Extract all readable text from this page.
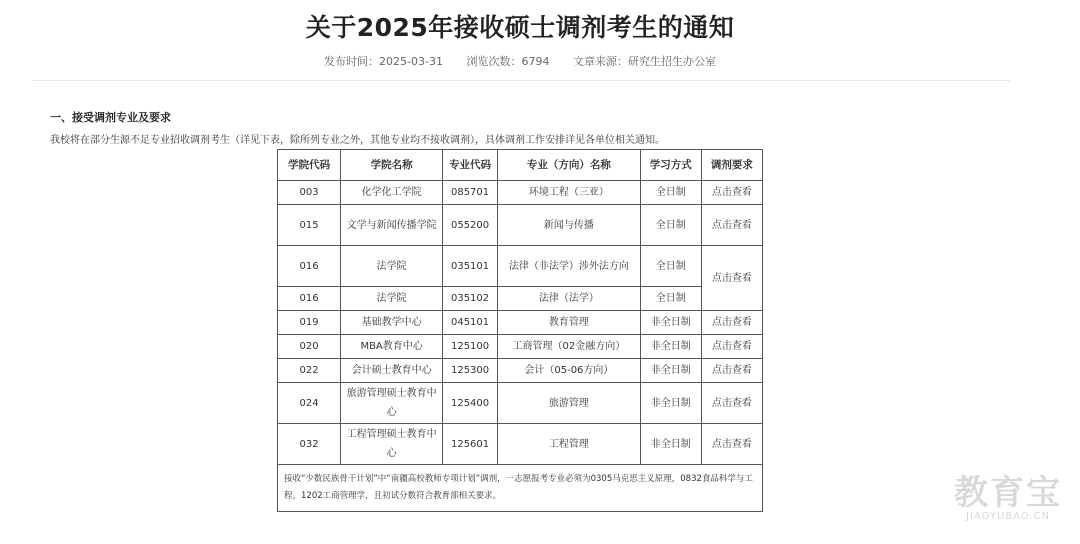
关于2025年接收硕士调剂考生的通知
发布时间：2025-03-31 浏览次数：6794 文章来源：研究生招生办公室
一、接受调剂专业及要求
我校将在部分生源不足专业招收调剂考生（详见下表，除所列专业之外，其他专业均不接收调剂），具体调剂工作安排详见各单位相关通知。
学院代码	学院名称	专业代码	专业（方向）名称	学习方式	调剂要求
003	化学化工学院	085701	环境工程（三亚）	全日制	点击查看
015	文学与新闻传播学院	055200	新闻与传播	全日制	点击查看
016	法学院	035101	法律（非法学）涉外法方向	全日制	点击查看
016	法学院	035102	法律（法学）	全日制	
019	基础教学中心	045101	教育管理	非全日制	点击查看
020	MBA教育中心	125100	工商管理（02金融方向）	非全日制	点击查看
022	会计硕士教育中心	125300	会计（05-06方向）	非全日制	点击查看
024	旅游管理硕士教育中心	125400	旅游管理	非全日制	点击查看
032	工程管理硕士教育中心	125601	工程管理	非全日制	点击查看
接收“少数民族骨干计划”中“南疆高校教师专项计划”调剂，一志愿报考专业必须为0305马克思主义原理，0832食品科学与工程，1202工商管理学，且初试分数符合教育部相关要求。						教育宝
JIAOYUBAO.CN
